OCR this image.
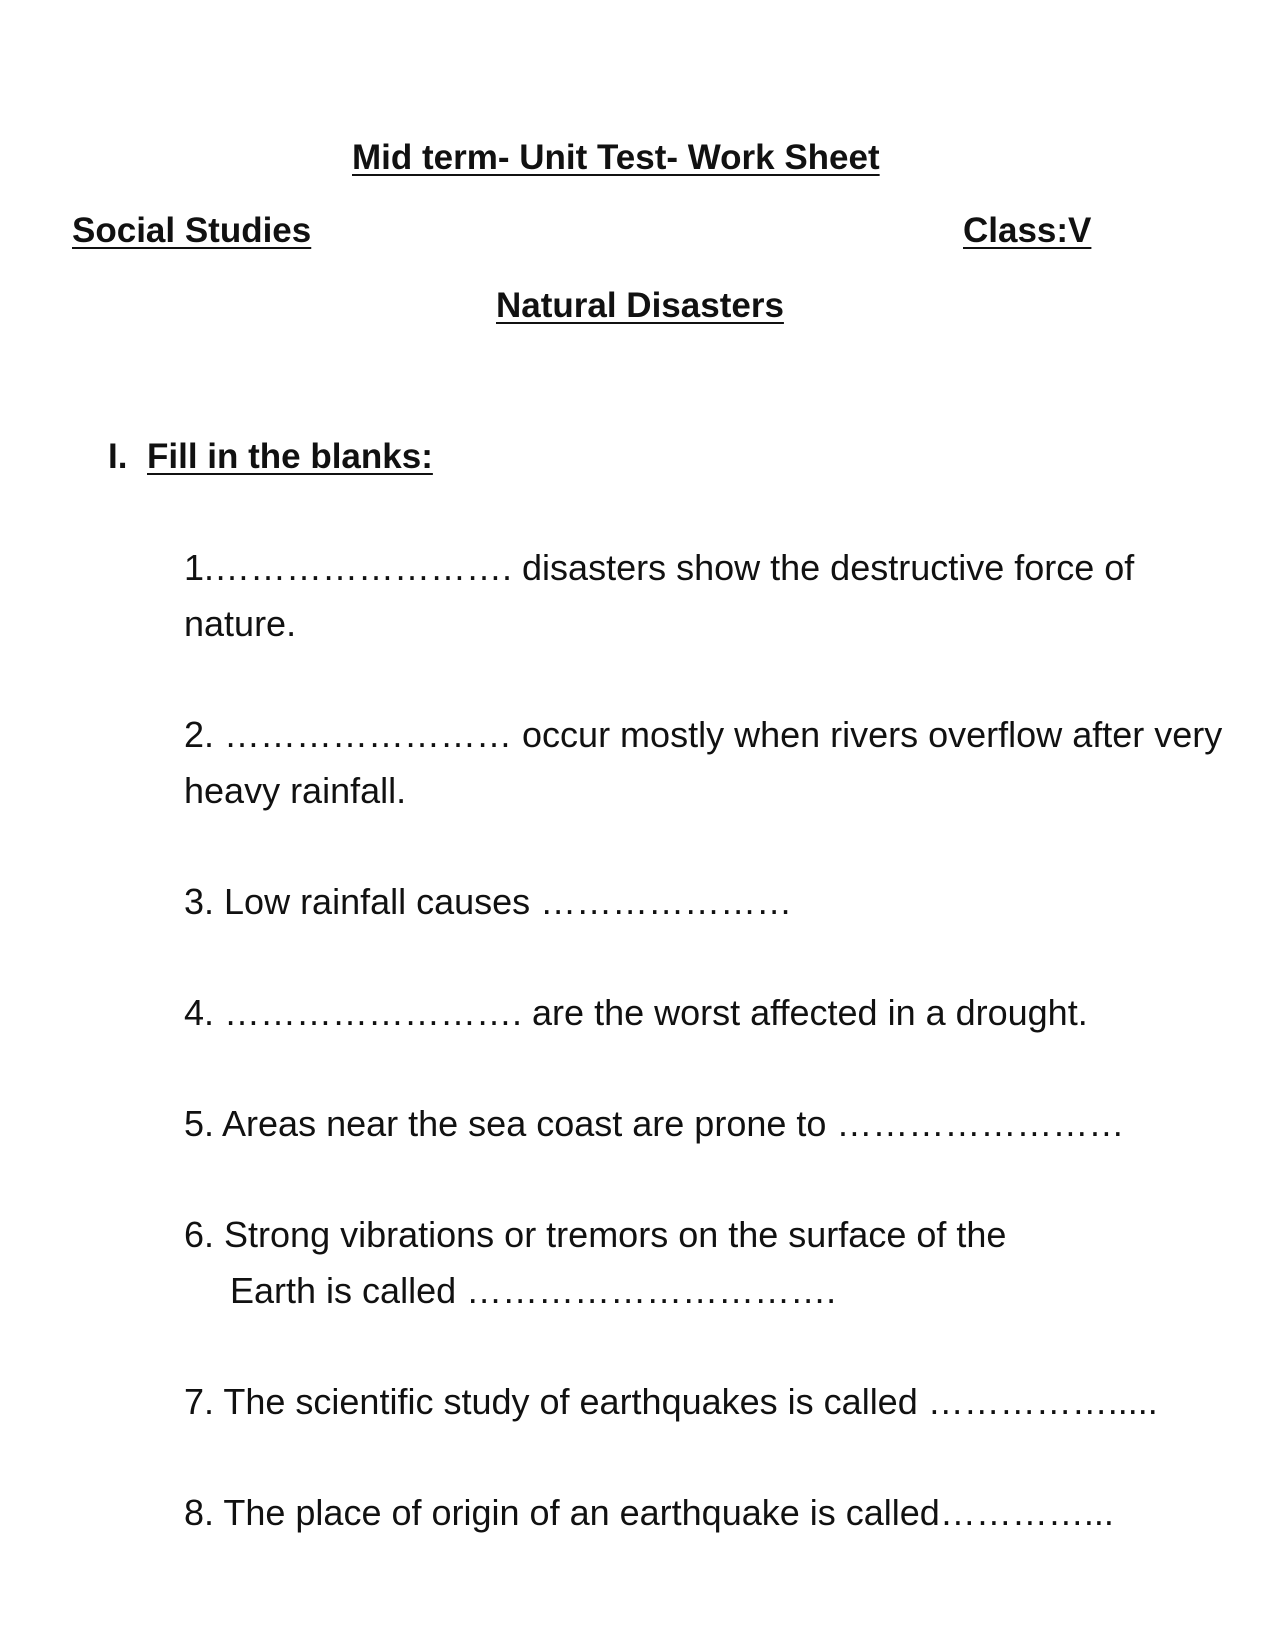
Mid term- Unit Test- Work Sheet
Social Studies	Class:V
Natural Disasters
I. Fill in the blanks:
1.……………………. disasters show the destructive force of
nature.
2. …………………… occur mostly when rivers overflow after very
heavy rainfall.
3. Low rainfall causes …………………
4. ……………………. are the worst affected in a drought.
5. Areas near the sea coast are prone to ……………………
6. Strong vibrations or tremors on the surface of the
Earth is called ………………………….
7. The scientific study of earthquakes is called …………….....
8. The place of origin of an earthquake is called…………...
